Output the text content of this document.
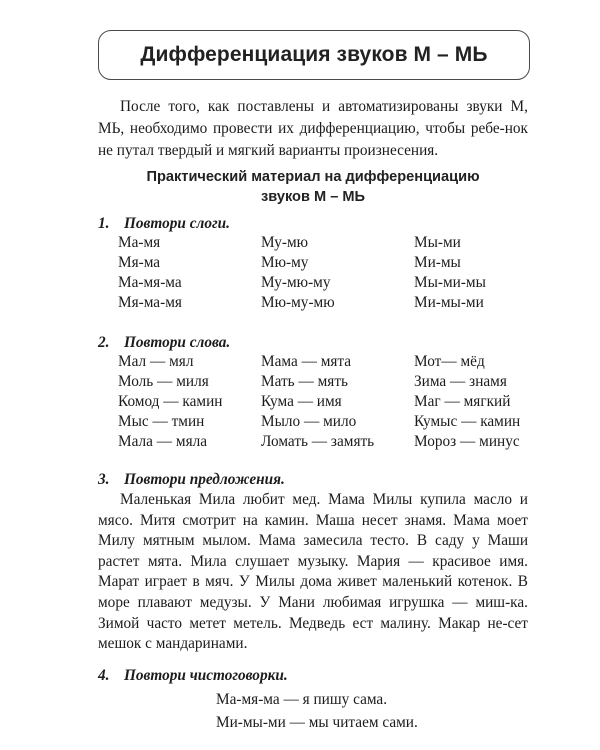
Дифференциация звуков М – МЬ

После того, как поставлены и автоматизированы звуки М, МЬ, необходимо провести их дифференциацию, чтобы ребе-нок не путал твердый и мягкий варианты произнесения.

Практический материал на дифференциацию
звуков М – МЬ
1. Повтори слоги.
Ма-мя	Му-мю	Мы-ми
Мя-ма	Мю-му	Ми-мы
Ма-мя-ма	Му-мю-му	Мы-ми-мы
Мя-ма-мя	Мю-му-мю	Ми-мы-ми
2. Повтори слова.
Мал — мял	Мама — мята	Мот— мёд
Моль — миля	Мать — мять	Зима — знамя
Комод — камин	Кума — имя	Маг — мягкий
Мыс — тмин	Мыло — мило	Кумыс — камин
Мала — мяла	Ломать — замять	Мороз — минус
3. Повтори предложения.

Маленькая Мила любит мед. Мама Милы купила масло и мясо. Митя смотрит на камин. Маша несет знамя. Мама моет Милу мятным мылом. Мама замесила тесто. В саду у Маши растет мята. Мила слушает музыку. Мария — красивое имя. Марат играет в мяч. У Милы дома живет маленький котенок. В море плавают медузы. У Мани любимая игрушка — миш-ка. Зимой часто метет метель. Медведь ест малину. Макар не-сет мешок с мандаринами.

4. Повтори чистоговорки.
Ма-мя-ма — я пишу сама.
Ми-мы-ми — мы читаем сами.
